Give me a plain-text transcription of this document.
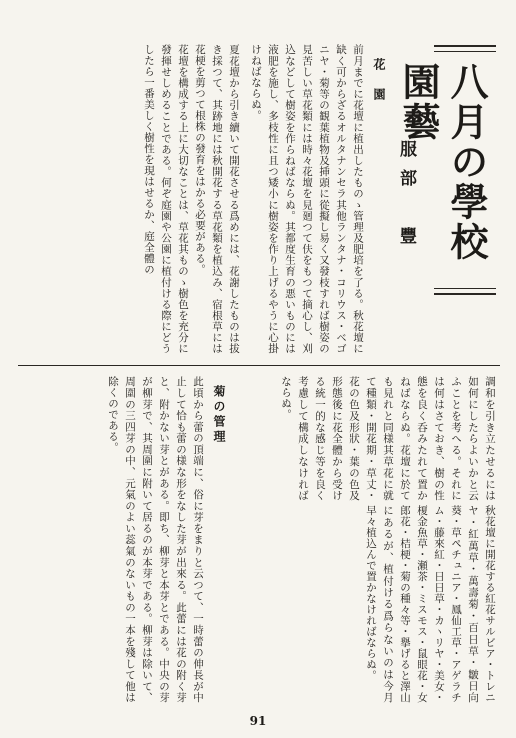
八月の學校園藝
服部　豐
花　園

前月までに花壇に植出したものゝ管理及肥培を了る。秋花壇に缺く可からざるオルタナンセラ其他ランタナ・コリウス・ベゴニヤ・菊等の観葉植物及挿頭に從擬し易く又發枝すれば樹姿の見苦しい草花類には時々花壇を見廻つて伕をもつて摘心し、刈込などして樹姿を作らねばならぬ。其都度生育の悪いものには液肥を施し、多枝性に且つ矮小に樹姿を作り上げるやうに心掛けねばならぬ。

夏花壇から引き續いて開花させる爲めには、花謝したものは拔き採つて、其跡地には秋開花する草花類を植込み、宿根草には花梗を剪つて根株の發育をはかる必要がある。

花壇を構成する上に大切なことは、草花其ものゝ樹色を充分に發揮せしめることである。何ぞ庭園や公園に植付ける際にどうしたら一番美しく樹性を現はせるか、庭全體の

調和を引き立たせるには如何にしたらよいかと云ふことを考へる。それには何はさておき、樹の性態を良く呑みたれて置かねばならぬ。花壇に於ても見れと同様其草花に就て種類・開花期・草丈・花の色及形狀・葉の色及形態後に花全體から受ける統一的な感じ等を良く考慮して構成しなければならぬ。

秋花壇に開花する紅花サルビア・トレニヤ・紅萬草・萬壽菊・百日草・皺日向葵・草ペチュニア・鳳仙工草・アゲラチム・藤來紅・日日草・カヽリヤ・美女・榎金魚草・瀬茶・ミスモス・鼠眼花・女郎花・桔梗・菊の種々等・擧げると澤山にあるが、植付ける爲らないのは今月早々植込んで置かなければならぬ。

菊の管理

此頃から蕾の頂端に、俗に芽をまりと云つて、一時蕾の伸長が中止して恰も蕾の様な形をなした芽が出來る。此蕾には花の附く芽と、附かない芽とがある。即ち、柳芽と本芽とである。中央の芽が柳芽で、其周圍に附いて居るのが本芽である。柳芽は除いて、周圍の三四芽の中、元氣のよい蕊氣のないもの一本を殘して他は除くのである。

91
